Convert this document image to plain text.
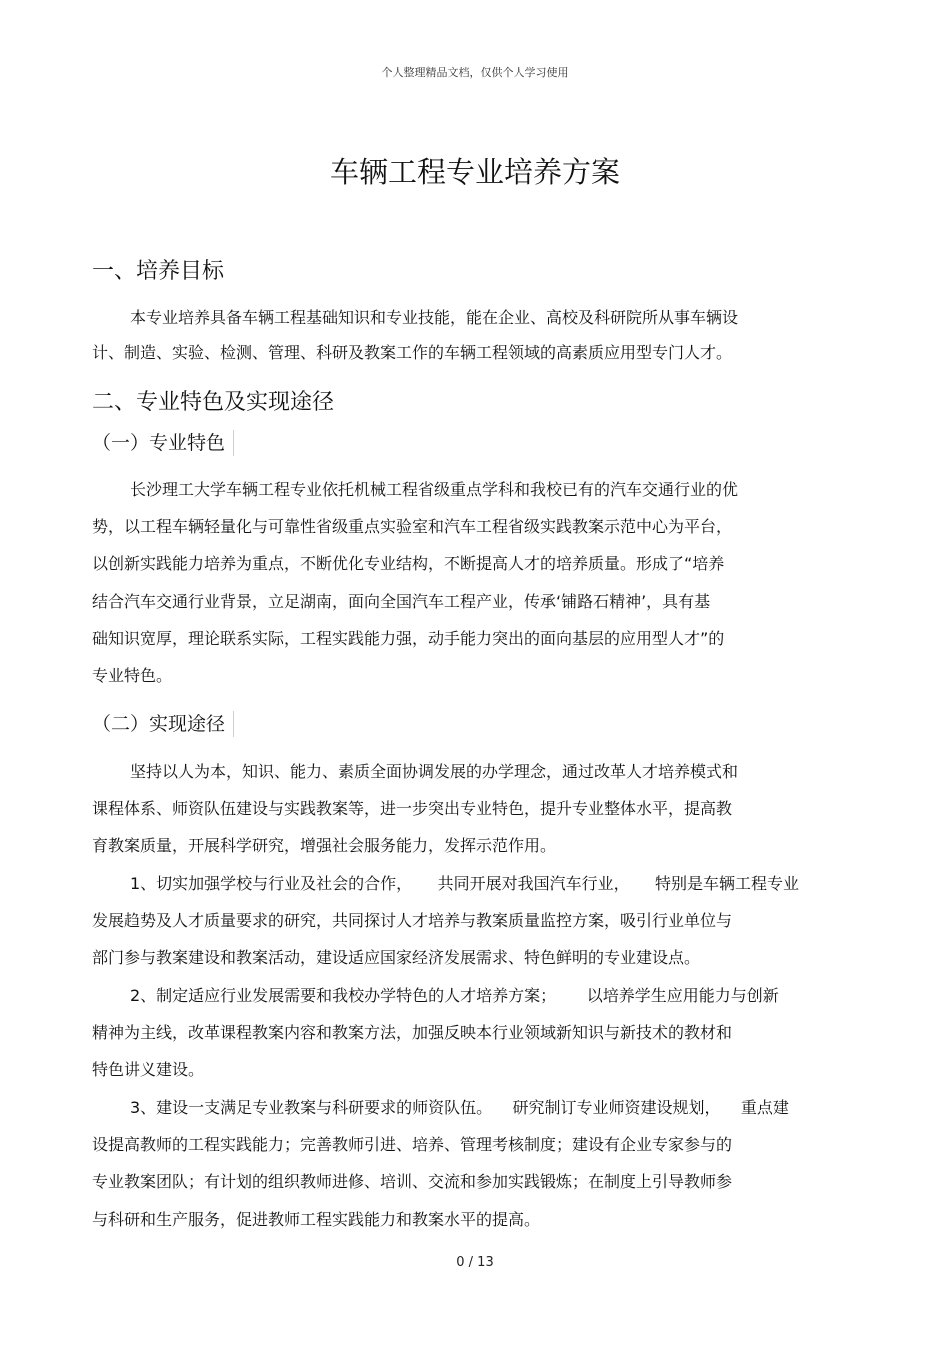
个人整理精品文档，仅供个人学习使用
车辆工程专业培养方案
一、培养目标

本专业培养具备车辆工程基础知识和专业技能，能在企业、高校及科研院所从事车辆设

计、制造、实验、检测、管理、科研及教案工作的车辆工程领域的高素质应用型专门人才。

二、专业特色及实现途径
（一）专业特色

长沙理工大学车辆工程专业依托机械工程省级重点学科和我校已有的汽车交通行业的优

势，以工程车辆轻量化与可靠性省级重点实验室和汽车工程省级实践教案示范中心为平台，

以创新实践能力培养为重点，不断优化专业结构，不断提高人才的培养质量。形成了“培养

结合汽车交通行业背景，立足湖南，面向全国汽车工程产业，传承‘铺路石精神’，具有基

础知识宽厚，理论联系实际，工程实践能力强，动手能力突出的面向基层的应用型人才”的

专业特色。

（二）实现途径

坚持以人为本，知识、能力、素质全面协调发展的办学理念，通过改革人才培养模式和

课程体系、师资队伍建设与实践教案等，进一步突出专业特色，提升专业整体水平，提高教

育教案质量，开展科学研究，增强社会服务能力，发挥示范作用。

1、切实加强学校与行业及社会的合作，     共同开展对我国汽车行业，     特别是车辆工程专业

发展趋势及人才质量要求的研究，共同探讨人才培养与教案质量监控方案，吸引行业单位与

部门参与教案建设和教案活动，建设适应国家经济发展需求、特色鲜明的专业建设点。

2、制定适应行业发展需要和我校办学特色的人才培养方案；      以培养学生应用能力与创新

精神为主线，改革课程教案内容和教案方法，加强反映本行业领域新知识与新技术的教材和

特色讲义建设。

3、建设一支满足专业教案与科研要求的师资队伍。    研究制订专业师资建设规划，    重点建

设提高教师的工程实践能力；完善教师引进、培养、管理考核制度；建设有企业专家参与的

专业教案团队；有计划的组织教师进修、培训、交流和参加实践锻炼；在制度上引导教师参

与科研和生产服务，促进教师工程实践能力和教案水平的提高。

0 / 13
